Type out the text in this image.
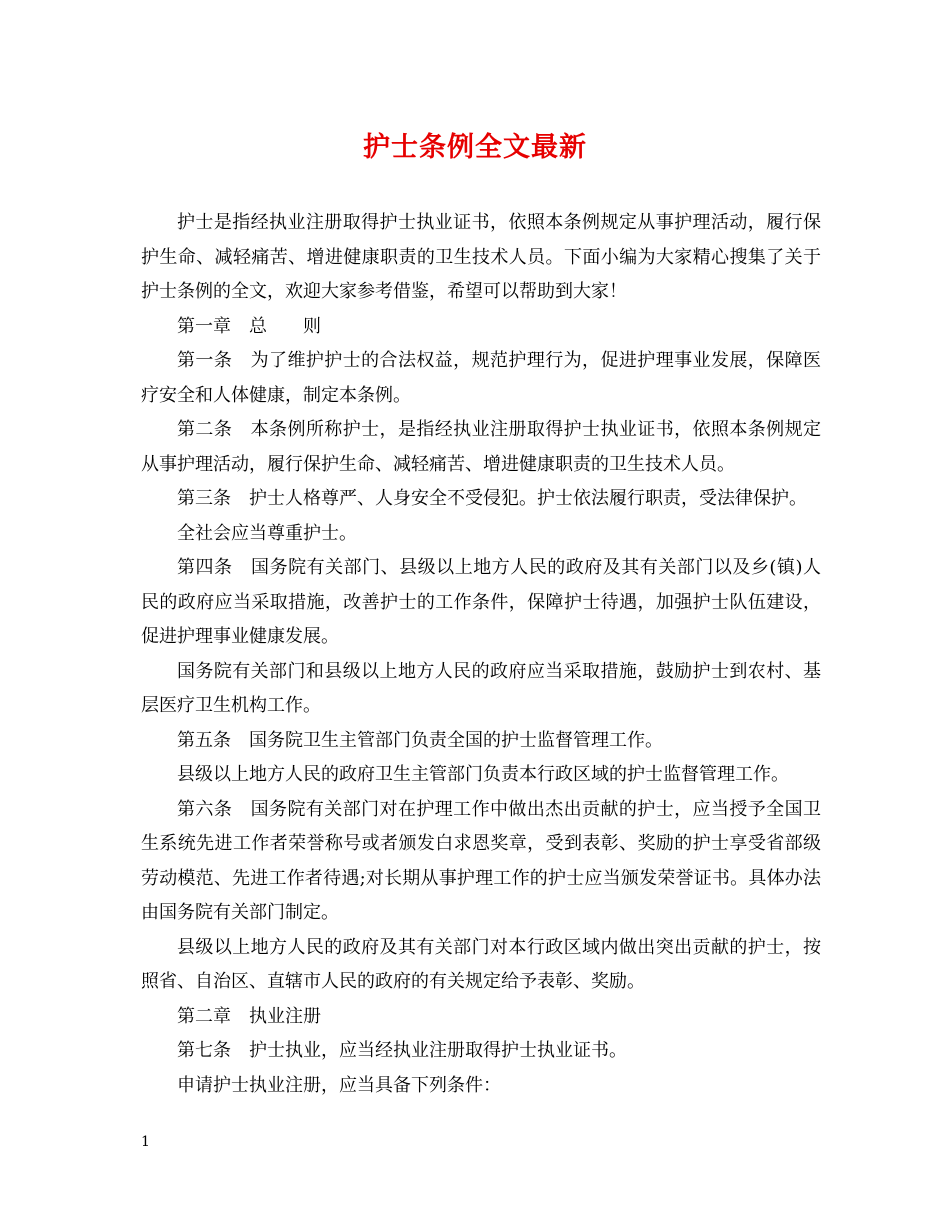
护士条例全文最新

护士是指经执业注册取得护士执业证书，依照本条例规定从事护理活动，履行保护生命、减轻痛苦、增进健康职责的卫生技术人员。下面小编为大家精心搜集了关于护士条例的全文，欢迎大家参考借鉴，希望可以帮助到大家！

第一章　总　　则

第一条　为了维护护士的合法权益，规范护理行为，促进护理事业发展，保障医疗安全和人体健康，制定本条例。

第二条　本条例所称护士，是指经执业注册取得护士执业证书，依照本条例规定从事护理活动，履行保护生命、减轻痛苦、增进健康职责的卫生技术人员。

第三条　护士人格尊严、人身安全不受侵犯。护士依法履行职责，受法律保护。

全社会应当尊重护士。

第四条　国务院有关部门、县级以上地方人民的政府及其有关部门以及乡(镇)人民的政府应当采取措施，改善护士的工作条件，保障护士待遇，加强护士队伍建设，促进护理事业健康发展。

国务院有关部门和县级以上地方人民的政府应当采取措施，鼓励护士到农村、基层医疗卫生机构工作。

第五条　国务院卫生主管部门负责全国的护士监督管理工作。

县级以上地方人民的政府卫生主管部门负责本行政区域的护士监督管理工作。

第六条　国务院有关部门对在护理工作中做出杰出贡献的护士，应当授予全国卫生系统先进工作者荣誉称号或者颁发白求恩奖章，受到表彰、奖励的护士享受省部级劳动模范、先进工作者待遇;对长期从事护理工作的护士应当颁发荣誉证书。具体办法由国务院有关部门制定。

县级以上地方人民的政府及其有关部门对本行政区域内做出突出贡献的护士，按照省、自治区、直辖市人民的政府的有关规定给予表彰、奖励。

第二章　执业注册

第七条　护士执业，应当经执业注册取得护士执业证书。

申请护士执业注册，应当具备下列条件：

1
